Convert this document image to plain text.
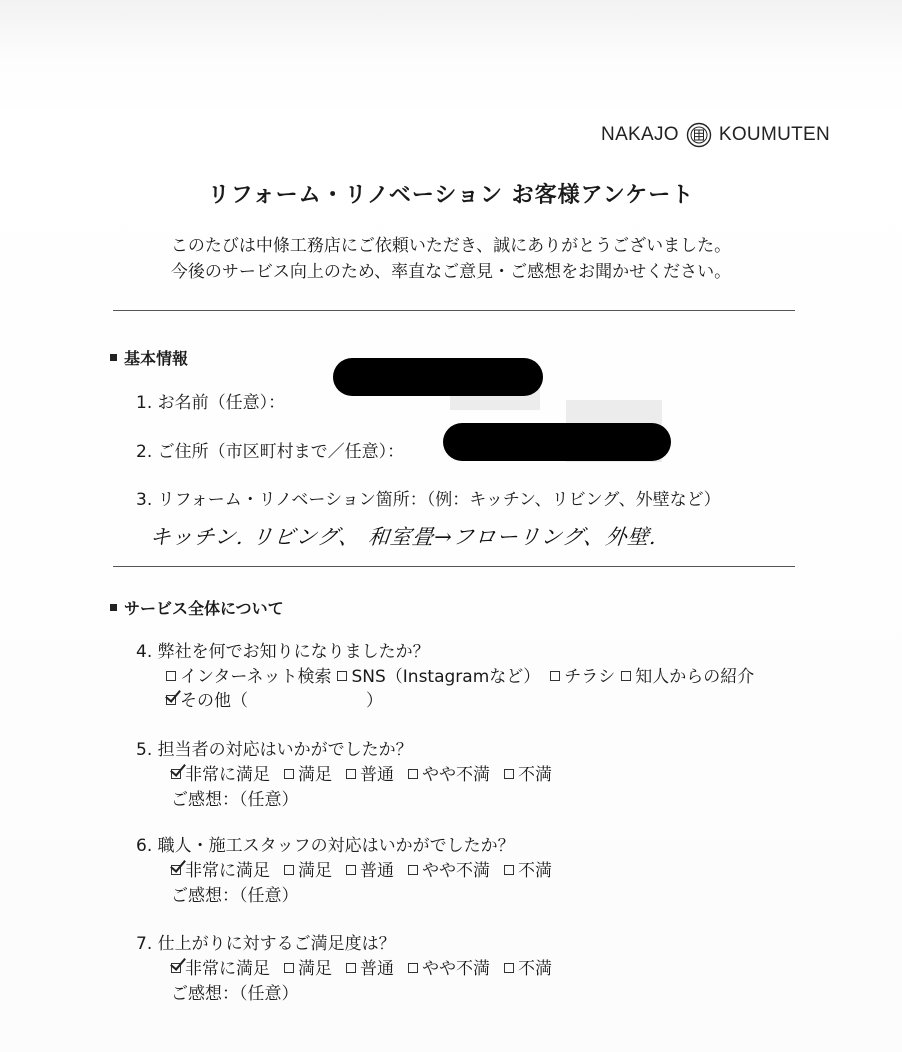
NAKAJO KOUMUTEN
リフォーム・リノベーション お客様アンケート
このたびは中條工務店にご依頼いただき、誠にありがとうございました。
今後のサービス向上のため、率直なご意見・ご感想をお聞かせください。
基本情報
1. お名前（任意）：
2. ご住所（市区町村まで／任意）：
3. リフォーム・リノベーション箇所：（例：キッチン、リビング、外壁など）
キッチン. リビング、 和室畳→フローリング、外壁.
サービス全体について
4. 弊社を何でお知りになりましたか？
インターネット検索 SNS（Instagramなど） チラシ 知人からの紹介
その他（	）
5. 担当者の対応はいかがでしたか？
非常に満足 満足 普通 やや不満 不満
ご感想：（任意）
6. 職人・施工スタッフの対応はいかがでしたか？
非常に満足 満足 普通 やや不満 不満
ご感想：（任意）
7. 仕上がりに対するご満足度は？
非常に満足 満足 普通 やや不満 不満
ご感想：（任意）
